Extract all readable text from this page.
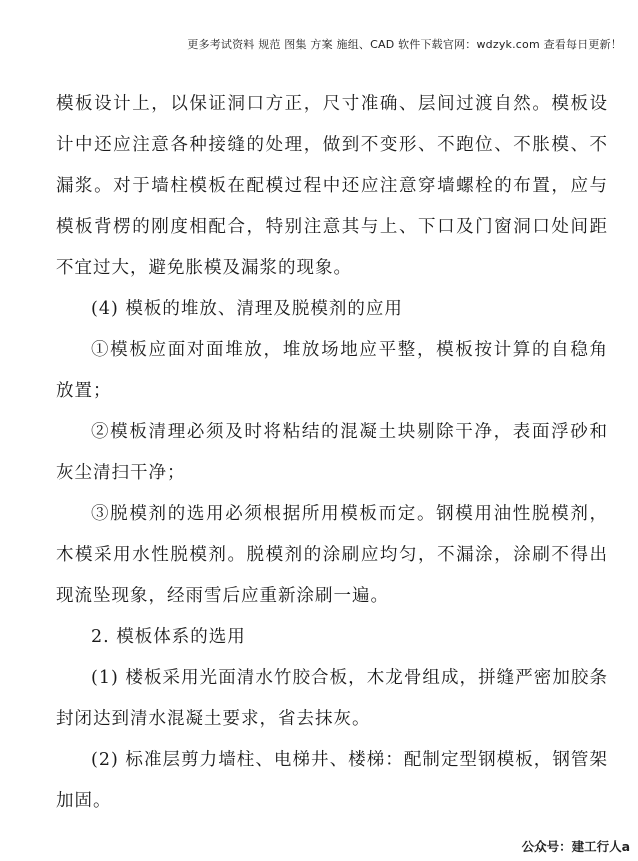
更多考试资料 规范 图集 方案 施组、CAD 软件下载官网：wdzyk.com 查看每日更新！

模板设计上，以保证洞口方正，尺寸准确、层间过渡自然。模板设计中还应注意各种接缝的处理，做到不变形、不跑位、不胀模、不漏浆。对于墙柱模板在配模过程中还应注意穿墙螺栓的布置，应与模板背楞的刚度相配合，特别注意其与上、下口及门窗洞口处间距不宜过大，避免胀模及漏浆的现象。

(4) 模板的堆放、清理及脱模剂的应用

①模板应面对面堆放，堆放场地应平整，模板按计算的自稳角放置；

②模板清理必须及时将粘结的混凝土块剔除干净，表面浮砂和灰尘清扫干净；

③脱模剂的选用必须根据所用模板而定。钢模用油性脱模剂，木模采用水性脱模剂。脱模剂的涂刷应均匀，不漏涂，涂刷不得出现流坠现象，经雨雪后应重新涂刷一遍。

2. 模板体系的选用

(1) 楼板采用光面清水竹胶合板，木龙骨组成，拼缝严密加胶条封闭达到清水混凝土要求，省去抹灰。

(2) 标准层剪力墙柱、电梯井、楼梯：配制定型钢模板，钢管架加固。

公众号：建工行人a
